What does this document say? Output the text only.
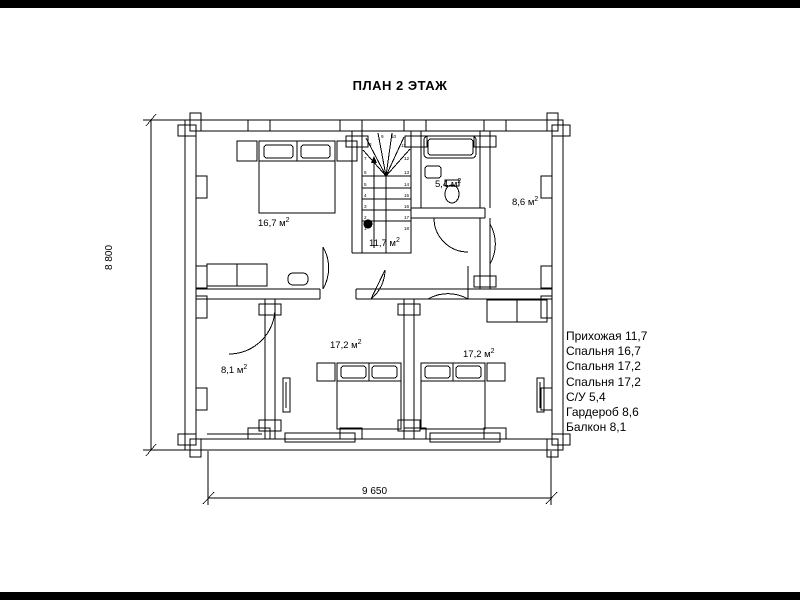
ПЛАН 2 ЭТАЖ
1
2
3
4
5
6
7
8
9 10
11
12
13
14
15
16
17
18
16,7 $м^2$
5,4 $м^2$
8,6 $м^2$
11,7 $м^2$
8,1 $м^2$
17,2 $м^2$
17,2 $м^2$
9 650
8 800
Прихожая 11,7
Спальня 16,7
Спальня 17,2
Спальня 17,2
С/У 5,4
Гардероб 8,6
Балкон 8,1
